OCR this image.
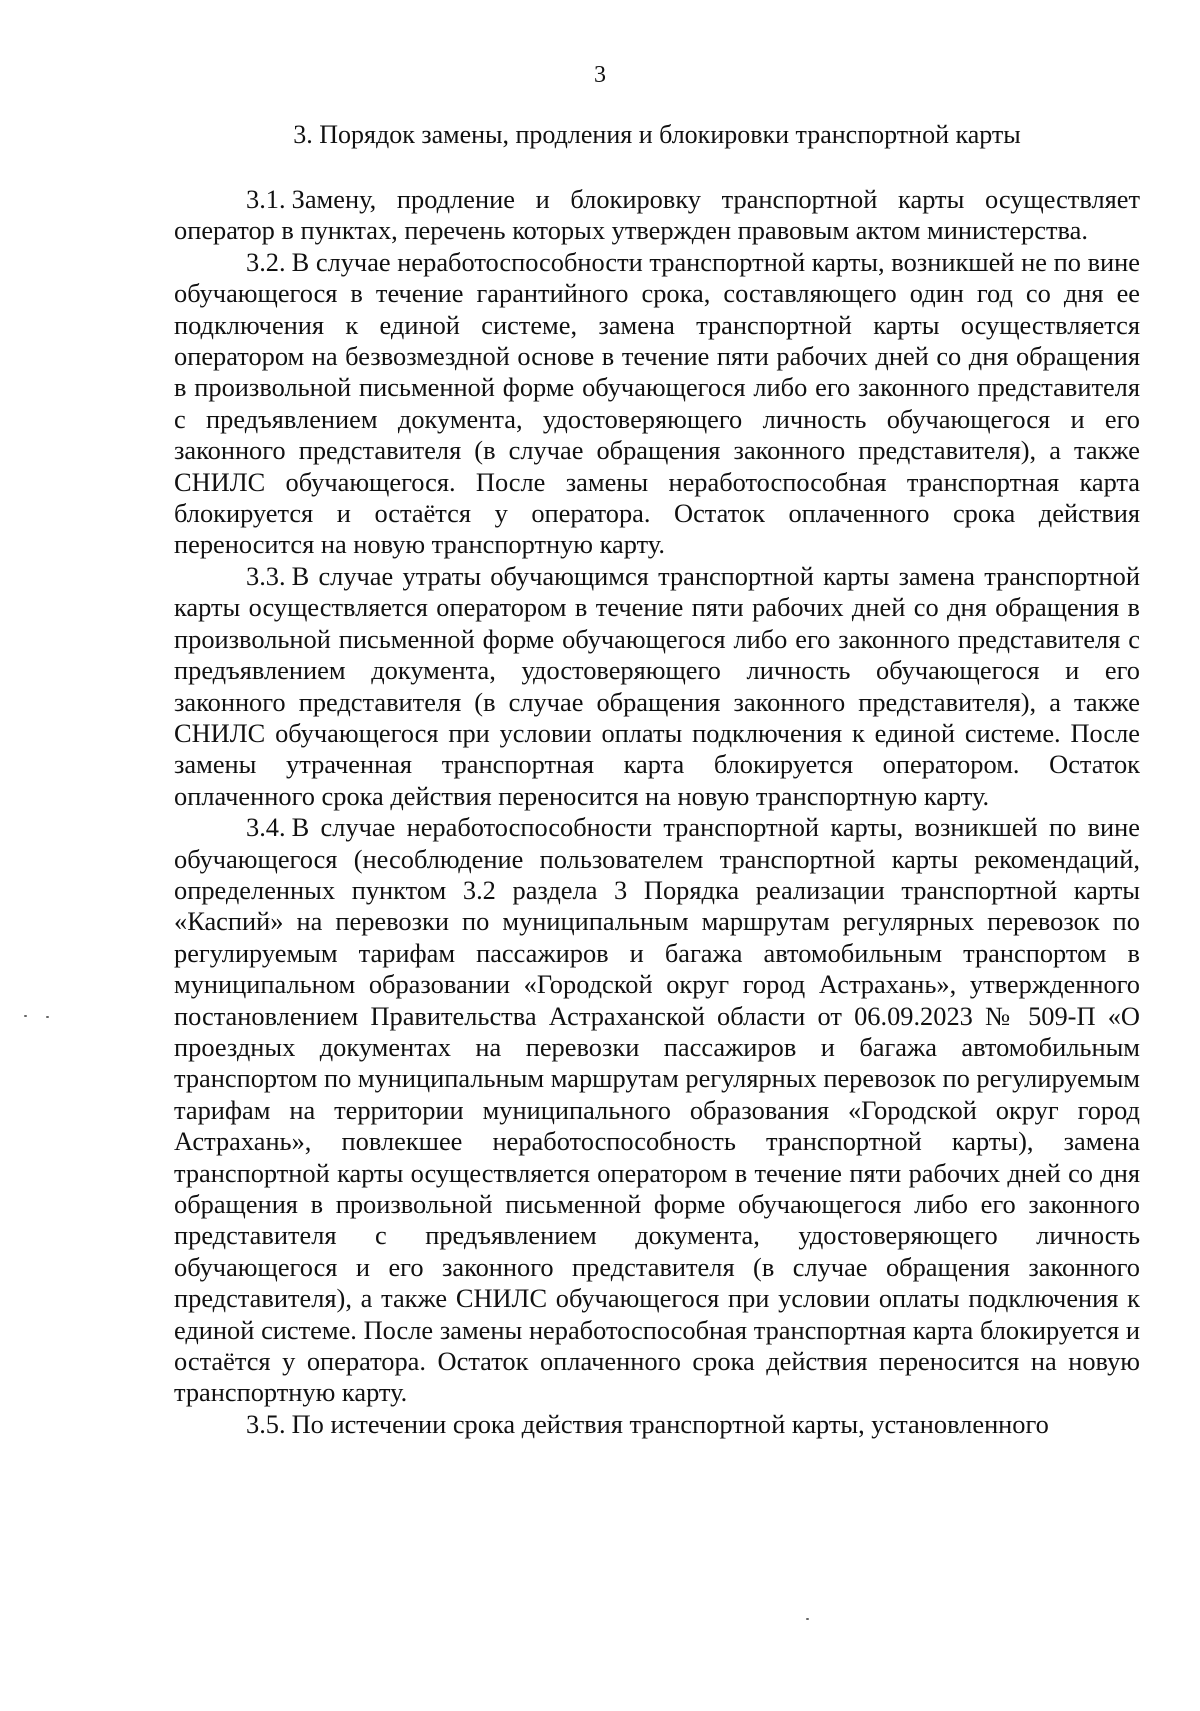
3
3. Порядок замены, продления и блокировки транспортной карты

3.1. Замену, продление и блокировку транспортной карты осуществляет оператор в пунктах, перечень которых утвержден правовым актом министерства.

3.2. В случае неработоспособности транспортной карты, возникшей не по вине обучающегося в течение гарантийного срока, составляющего один год со дня ее подключения к единой системе, замена транспортной карты осуществляется оператором на безвозмездной основе в течение пяти рабочих дней со дня обращения в произвольной письменной форме обучающегося либо его законного представителя с предъявлением документа, удостоверяющего личность обучающегося и его законного представителя (в случае обращения законного представителя), а также СНИЛС обучающегося. После замены неработоспособная транспортная карта блокируется и остаётся у оператора. Остаток оплаченного срока действия переносится на новую транспортную карту.

3.3. В случае утраты обучающимся транспортной карты замена транспортной карты осуществляется оператором в течение пяти рабочих дней со дня обращения в произвольной письменной форме обучающегося либо его законного представителя с предъявлением документа, удостоверяющего личность обучающегося и его законного представителя (в случае обращения законного представителя), а также СНИЛС обучающегося при условии оплаты подключения к единой системе. После замены утраченная транспортная карта блокируется оператором. Остаток оплаченного срока действия переносится на новую транспортную карту.

3.4. В случае неработоспособности транспортной карты, возникшей по вине обучающегося (несоблюдение пользователем транспортной карты рекомендаций, определенных пунктом 3.2 раздела 3 Порядка реализации транспортной карты «Каспий» на перевозки по муниципальным маршрутам регулярных перевозок по регулируемым тарифам пассажиров и багажа автомобильным транспортом в муниципальном образовании «Городской округ город Астрахань», утвержденного постановлением Правительства Астраханской области от 06.09.2023 № 509-П «О проездных документах на перевозки пассажиров и багажа автомобильным транспортом по муниципальным маршрутам регулярных перевозок по регулируемым тарифам на территории муниципального образования «Городской округ город Астрахань», повлекшее неработоспособность транспортной карты), замена транспортной карты осуществляется оператором в течение пяти рабочих дней со дня обращения в произвольной письменной форме обучающегося либо его законного представителя с предъявлением документа, удостоверяющего личность обучающегося и его законного представителя (в случае обращения законного представителя), а также СНИЛС обучающегося при условии оплаты подключения к единой системе. После замены неработоспособная транспортная карта блокируется и остаётся у оператора. Остаток оплаченного срока действия переносится на новую транспортную карту.

3.5. По истечении срока действия транспортной карты, установленного
